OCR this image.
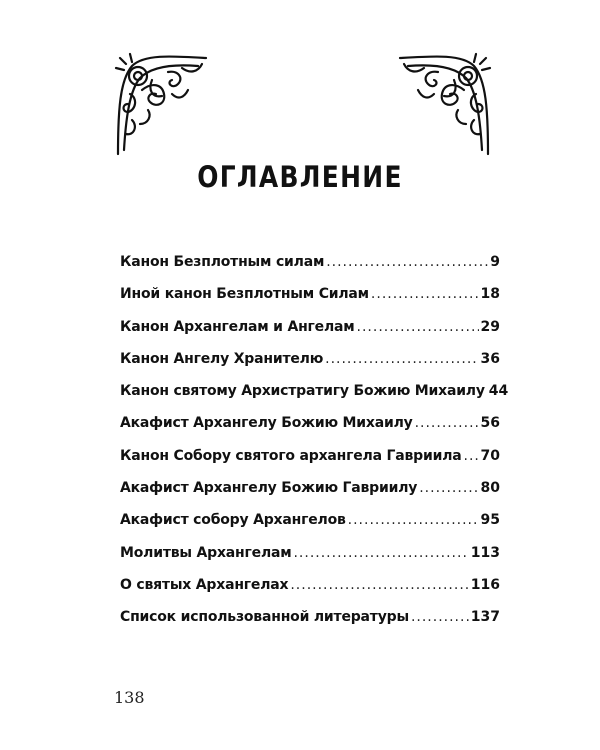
ОГЛАВЛЕНИЕ
Канон Безплотным силам .....	9
Иной канон Безплотным Силам .....	18
Канон Архангелам и Ангелам .....	29
Канон Ангелу Хранителю .....	36
Канон святому Архистратигу Божию Михаилу 44
Акафист Архангелу Божию Михаилу .....	56
Канон Собору святого архангела Гавриила ..... 70
Акафист Архангелу Божию Гавриилу .....	80
Акафист собору Архангелов .....	95
Молитвы Архангелам .....	113
О святых Архангелах .....	116
Список использованной литературы .....	137
138
